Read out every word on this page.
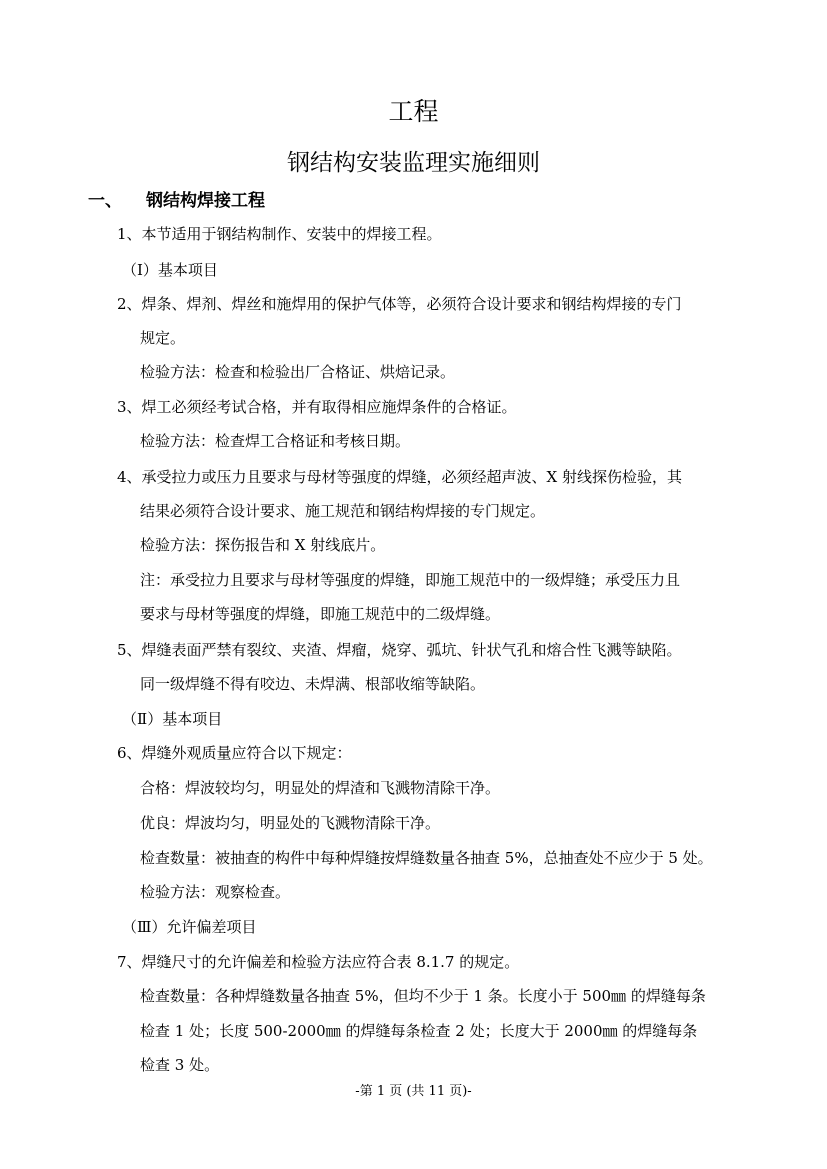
工程
钢结构安装监理实施细则
一、 钢结构焊接工程
1、本节适用于钢结构制作、安装中的焊接工程。
（Ⅰ）基本项目
2、焊条、焊剂、焊丝和施焊用的保护气体等，必须符合设计要求和钢结构焊接的专门
规定。
检验方法：检查和检验出厂合格证、烘焙记录。
3、焊工必须经考试合格，并有取得相应施焊条件的合格证。
检验方法：检查焊工合格证和考核日期。
4、承受拉力或压力且要求与母材等强度的焊缝，必须经超声波、X 射线探伤检验，其
结果必须符合设计要求、施工规范和钢结构焊接的专门规定。
检验方法：探伤报告和 X 射线底片。
注：承受拉力且要求与母材等强度的焊缝，即施工规范中的一级焊缝；承受压力且
要求与母材等强度的焊缝，即施工规范中的二级焊缝。
5、焊缝表面严禁有裂纹、夹渣、焊瘤，烧穿、弧坑、针状气孔和熔合性飞溅等缺陷。
同一级焊缝不得有咬边、未焊满、根部收缩等缺陷。
（Ⅱ）基本项目
6、焊缝外观质量应符合以下规定：
合格：焊波较均匀，明显处的焊渣和飞溅物清除干净。
优良：焊波均匀，明显处的飞溅物清除干净。
检查数量：被抽查的构件中每种焊缝按焊缝数量各抽查 5%，总抽查处不应少于 5 处。
检验方法：观察检查。
（Ⅲ）允许偏差项目
7、焊缝尺寸的允许偏差和检验方法应符合表 8.1.7 的规定。
检查数量：各种焊缝数量各抽查 5%，但均不少于 1 条。长度小于 500㎜ 的焊缝每条
检查 1 处；长度 500-2000㎜ 的焊缝每条检查 2 处；长度大于 2000㎜ 的焊缝每条
检查 3 处。
-第 1 页 (共 11 页)-
